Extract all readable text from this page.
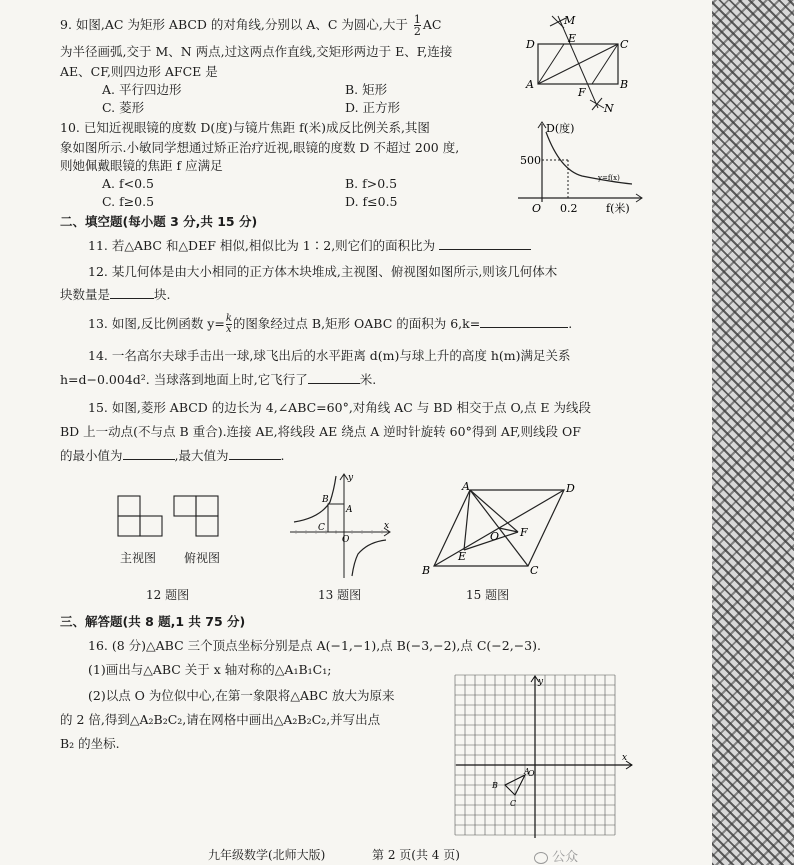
9. 如图,AC 为矩形 ABCD 的对角线,分别以 A、C 为圆心,大于 $\frac{1}{2}$ AC
为半径画弧,交于 M、N 两点,过这两点作直线,交矩形两边于 E、F,连接
AE、CF,则四边形 AFCE 是
A. 平行四边形	B. 矩形
C. 菱形	D. 正方形
M
D	E	C
A
F
B
N
10. 已知近视眼镜的度数 D(度)与镜片焦距 f(米)成反比例关系,其图
象如图所示.小敏同学想通过矫正治疗近视,眼镜的度数 D 不超过 200 度,
则她佩戴眼镜的焦距 f 应满足
A. f<0.5	B. f>0.5
C. f≥0.5	D. f≤0.5
D(度)
500
O 0.2	f(米)
y=f(x)
二、填空题(每小题 3 分,共 15 分)
11. 若△ABC 和△DEF 相似,相似比为 1∶2,则它们的面积比为
12. 某几何体是由大小相同的正方体木块堆成,主视图、俯视图如图所示,则该几何体木
块数量是	块.
13. 如图,反比例函数 $y= \frac{k}{x}$ 的图象经过点 B,矩形 OABC 的面积为 6,k=	.
14. 一名高尔夫球手击出一球,球飞出后的水平距离 d(m)与球上升的高度 h(m)满足关系
h=d−0.004d². 当球落到地面上时,它飞行了	米.
15. 如图,菱形 ABCD 的边长为 4,∠ABC=60°,对角线 AC 与 BD 相交于点 O,点 E 为线段
BD 上一动点(不与点 B 重合).连接 AE,将线段 AE 绕点 A 逆时针旋转 60°得到 AF,则线段 OF
的最小值为	,最大值为	.
主视图 俯视图
12 题图
y
x
B
A
C
O
13 题图
A	D
O F
E
B	C
15 题图
三、解答题(共 8 题,1 共 75 分)
16. (8 分)△ABC 三个顶点坐标分别是点 A(−1,−1),点 B(−3,−2),点 C(−2,−3).
(1)画出与△ABC 关于 x 轴对称的△A₁B₁C₁;
(2)以点 O 为位似中心,在第一象限将△ABC 放大为原来
的 2 倍,得到△A₂B₂C₂,请在网格中画出△A₂B₂C₂,并写出点
B₂ 的坐标.
x
y
O
A
B
C
九年级数学(北师大版)	第 2 页(共 4 页)	公众
